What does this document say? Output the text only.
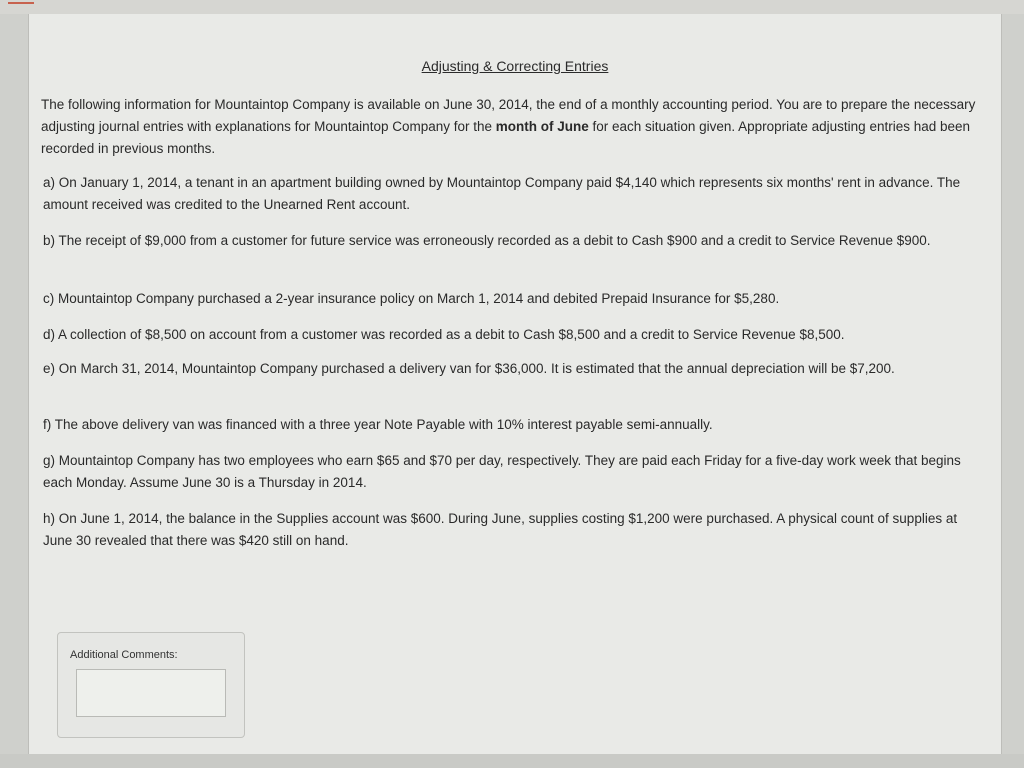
Adjusting & Correcting Entries

The following information for Mountaintop Company is available on June 30, 2014, the end of a monthly accounting period. You are to prepare the necessary adjusting journal entries with explanations for Mountaintop Company for the month of June for each situation given. Appropriate adjusting entries had been recorded in previous months.

a) On January 1, 2014, a tenant in an apartment building owned by Mountaintop Company paid $4,140 which represents six months' rent in advance. The amount received was credited to the Unearned Rent account.

b) The receipt of $9,000 from a customer for future service was erroneously recorded as a debit to Cash $900 and a credit to Service Revenue $900.

c) Mountaintop Company purchased a 2-year insurance policy on March 1, 2014 and debited Prepaid Insurance for $5,280.

d) A collection of $8,500 on account from a customer was recorded as a debit to Cash $8,500 and a credit to Service Revenue $8,500.

e) On March 31, 2014, Mountaintop Company purchased a delivery van for $36,000. It is estimated that the annual depreciation will be $7,200.

f) The above delivery van was financed with a three year Note Payable with 10% interest payable semi-annually.

g) Mountaintop Company has two employees who earn $65 and $70 per day, respectively. They are paid each Friday for a five-day work week that begins each Monday. Assume June 30 is a Thursday in 2014.

h) On June 1, 2014, the balance in the Supplies account was $600. During June, supplies costing $1,200 were purchased. A physical count of supplies at June 30 revealed that there was $420 still on hand.

Additional Comments:
